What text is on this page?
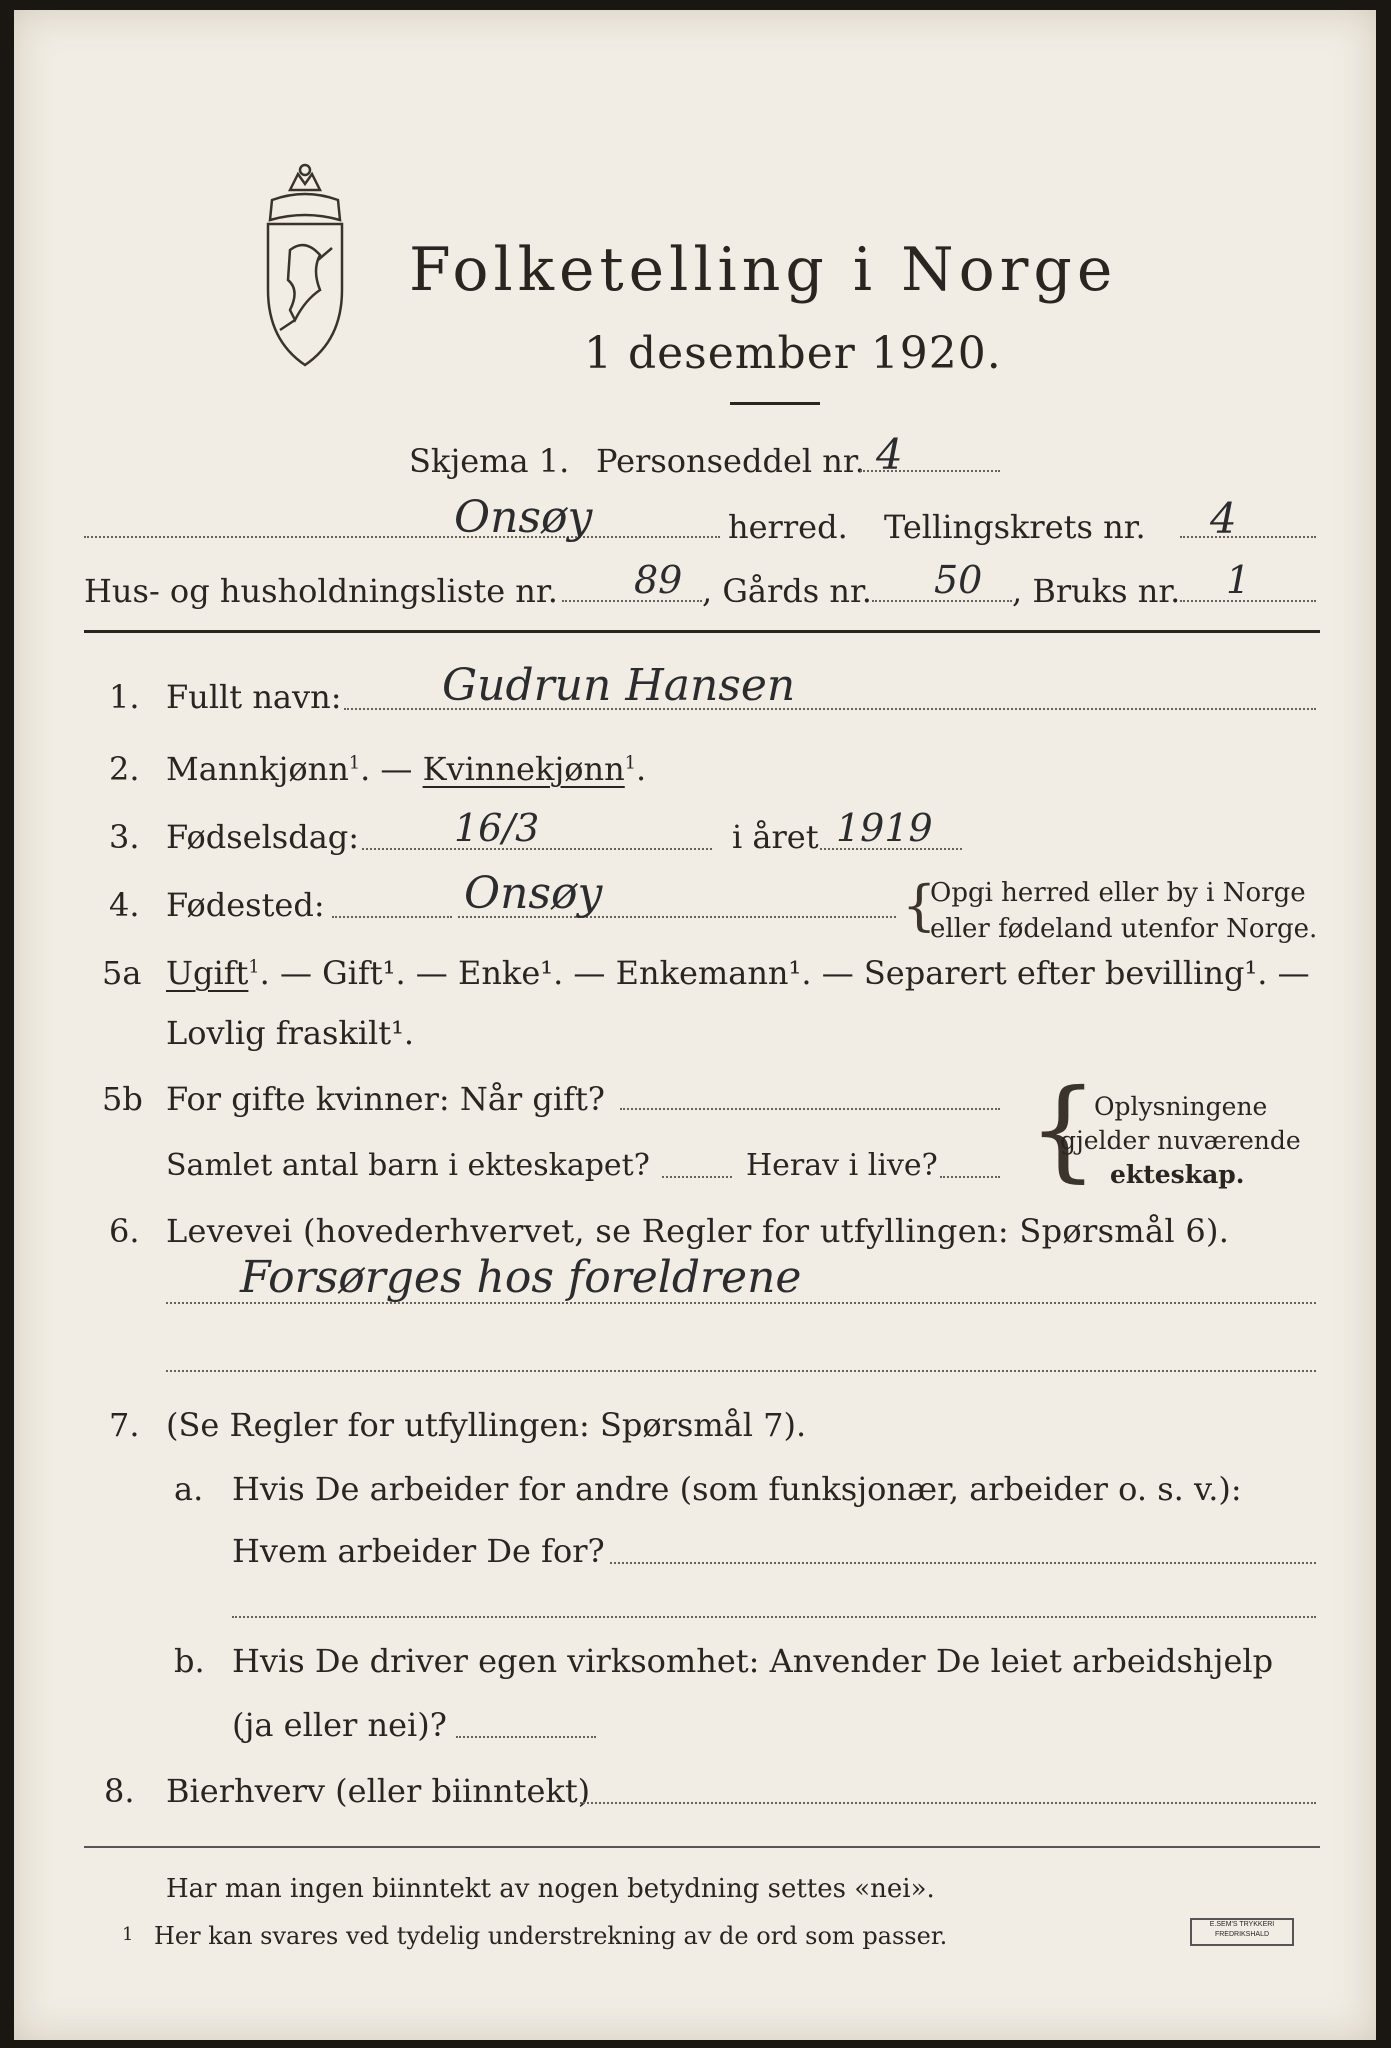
Folketelling i Norge
1 desember 1920.
Skjema 1. Personseddel nr. 4
Onsøy	herred. Tellingskrets nr. 4
Hus- og husholdningsliste nr. 89 , Gårds nr. 50 , Bruks nr. 1
1. Fullt navn: Gudrun Hansen
2. Mannkjønn$^1$. — Kvinnekjønn$^1$.
3. Fødselsdag: 16/3	i året 1919
4. Fødested:	Onsøy	{
Opgi herred eller by i Norge
eller fødeland utenfor Norge.
5a Ugift$^1$. — Gift¹. — Enke¹. — Enkemann¹. — Separert efter bevilling¹. —
Lovlig fraskilt¹.
5b For gifte kvinner: Når gift?
Samlet antal barn i ekteskapet?	Herav i live? {
Oplysningene
gjelder nuværende
ekteskap.
6. Levevei (hovederhvervet, se Regler for utfyllingen: Spørsmål 6).
Forsørges hos foreldrene
7. (Se Regler for utfyllingen: Spørsmål 7).
a. Hvis De arbeider for andre (som funksjonær, arbeider o. s. v.):
Hvem arbeider De for?
b. Hvis De driver egen virksomhet: Anvender De leiet arbeidshjelp
(ja eller nei)?
8. Bierhverv (eller biinntekt)
Har man ingen biinntekt av nogen betydning settes «nei».
1 Her kan svares ved tydelig understrekning av de ord som passer.	E.SEM'S TRYKKERI FREDRIKSHALD
